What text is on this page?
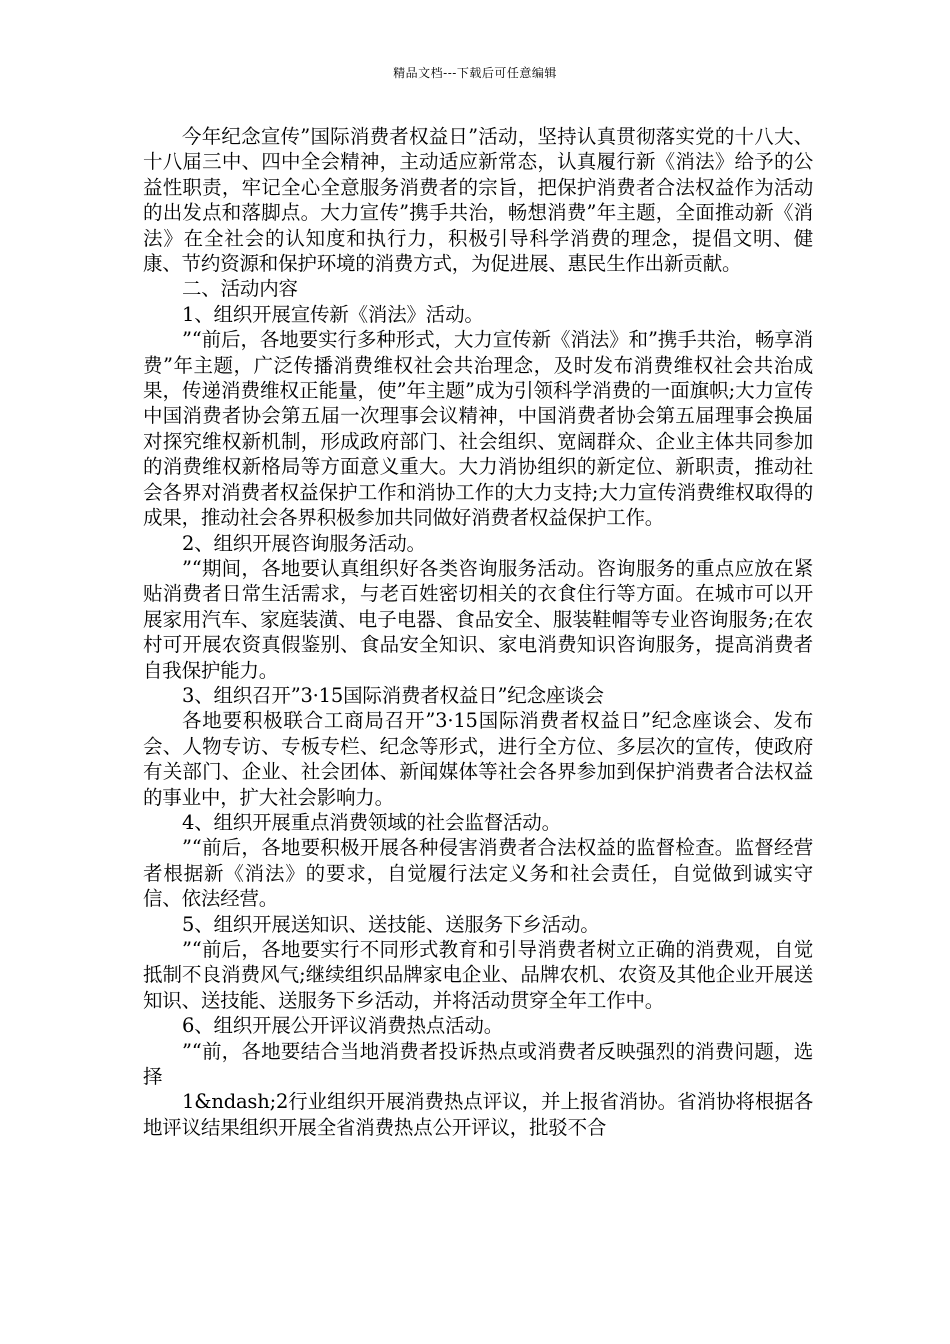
精品文档---下载后可任意编辑

今年纪念宣传”国际消费者权益日”活动，坚持认真贯彻落实党的十八大、十八届三中、四中全会精神，主动适应新常态，认真履行新《消法》给予的公益性职责，牢记全心全意服务消费者的宗旨，把保护消费者合法权益作为活动的出发点和落脚点。大力宣传”携手共治，畅想消费”年主题，全面推动新《消法》在全社会的认知度和执行力，积极引导科学消费的理念，提倡文明、健康、节约资源和保护环境的消费方式，为促进展、惠民生作出新贡献。

二、活动内容

1、组织开展宣传新《消法》活动。

”“前后，各地要实行多种形式，大力宣传新《消法》和”携手共治，畅享消费”年主题，广泛传播消费维权社会共治理念，及时发布消费维权社会共治成果，传递消费维权正能量，使”年主题”成为引领科学消费的一面旗帜;大力宣传中国消费者协会第五届一次理事会议精神，中国消费者协会第五届理事会换届对探究维权新机制，形成政府部门、社会组织、宽阔群众、企业主体共同参加的消费维权新格局等方面意义重大。大力消协组织的新定位、新职责，推动社会各界对消费者权益保护工作和消协工作的大力支持;大力宣传消费维权取得的成果，推动社会各界积极参加共同做好消费者权益保护工作。

2、组织开展咨询服务活动。

”“期间，各地要认真组织好各类咨询服务活动。咨询服务的重点应放在紧贴消费者日常生活需求，与老百姓密切相关的衣食住行等方面。在城市可以开展家用汽车、家庭装潢、电子电器、食品安全、服装鞋帽等专业咨询服务;在农村可开展农资真假鉴别、食品安全知识、家电消费知识咨询服务，提高消费者自我保护能力。

3、组织召开”3·15国际消费者权益日”纪念座谈会

各地要积极联合工商局召开”3·15国际消费者权益日”纪念座谈会、发布会、人物专访、专板专栏、纪念等形式，进行全方位、多层次的宣传，使政府有关部门、企业、社会团体、新闻媒体等社会各界参加到保护消费者合法权益的事业中，扩大社会影响力。

4、组织开展重点消费领域的社会监督活动。

”“前后，各地要积极开展各种侵害消费者合法权益的监督检查。监督经营者根据新《消法》的要求，自觉履行法定义务和社会责任，自觉做到诚实守信、依法经营。

5、组织开展送知识、送技能、送服务下乡活动。

”“前后，各地要实行不同形式教育和引导消费者树立正确的消费观，自觉抵制不良消费风气;继续组织品牌家电企业、品牌农机、农资及其他企业开展送知识、送技能、送服务下乡活动，并将活动贯穿全年工作中。

6、组织开展公开评议消费热点活动。

”“前，各地要结合当地消费者投诉热点或消费者反映强烈的消费问题，选择

1&ndash;2行业组织开展消费热点评议，并上报省消协。省消协将根据各地评议结果组织开展全省消费热点公开评议，批驳不合
